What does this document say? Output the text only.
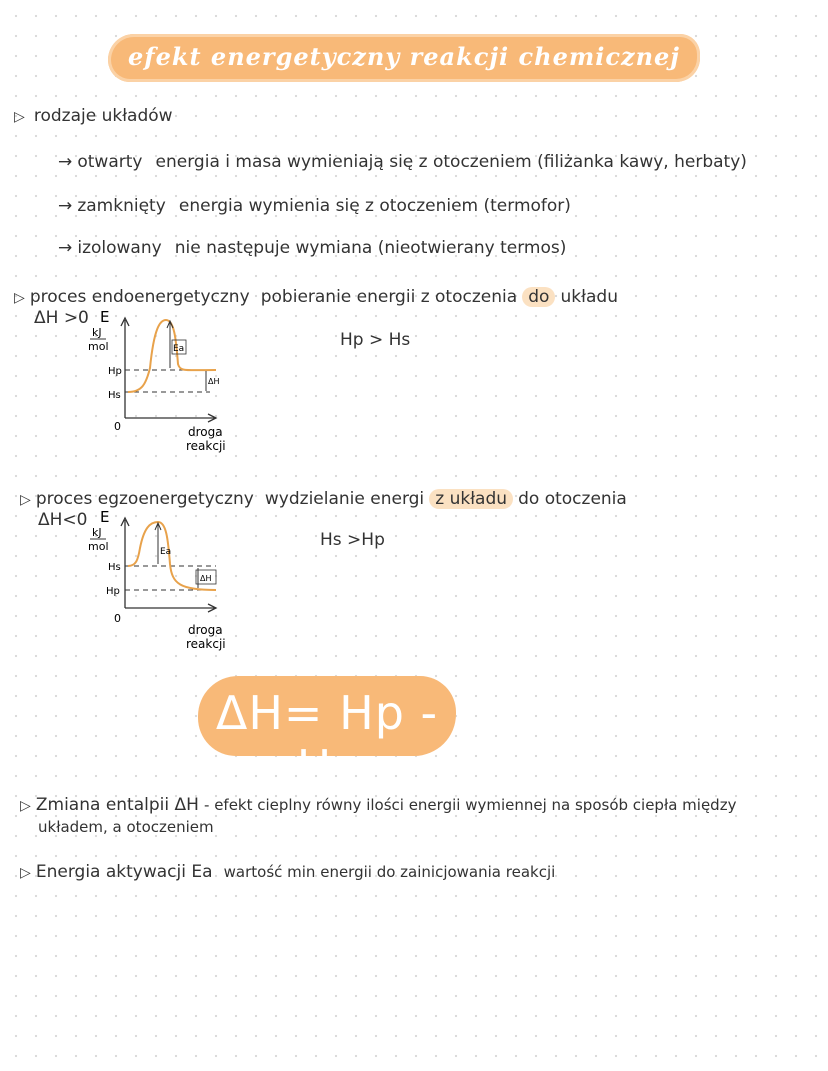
efekt energetyczny reakcji chemicznej
▷ rodzaje układów
→ otwarty energia i masa wymieniają się z otoczeniem (filiżanka kawy, herbaty)
→ zamknięty energia wymienia się z otoczeniem (termofor)
→ izolowany nie następuje wymiana (nieotwierany termos)
▷ proces endoenergetyczny pobieranie energii z otoczenia do układu
ΔH >0
Hp > Hs
E
kJ
mol
Hp
Hs
0
Ea
ΔH
droga
reakcji
▷ proces egzoenergetyczny wydzielanie energi z układu do otoczenia
ΔH<0
Hs >Hp
E
kJ
mol
Hs
Hp
0
Ea
ΔH
droga
reakcji
ΔH= Hp - Hs
▷ Zmiana entalpii ΔH - efekt cieplny równy ilości energii wymiennej na sposób ciepła między
układem, a otoczeniem
▷ Energia aktywacji Ea wartość min energii do zainicjowania reakcji
